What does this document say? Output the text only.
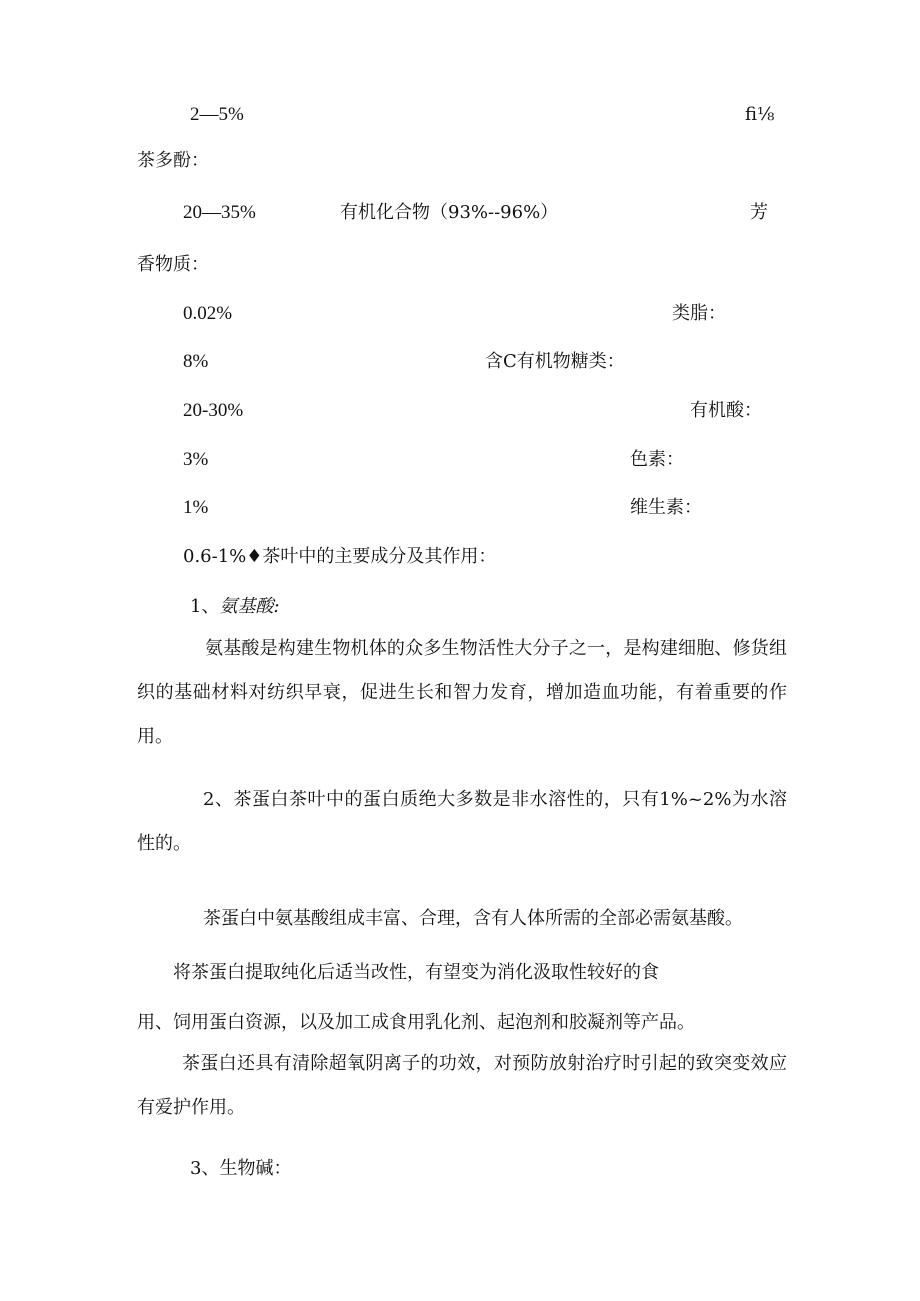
2—5%	fi⅛
茶多酚：
20—35%	有机化合物（93%--96%）	芳
香物质：
0.02%	类脂：
8%	含C有机物糖类：
20-30%	有机酸：
3%	色素：
1%	维生素：
0.6-1%♦茶叶中的主要成分及其作用：
1、氨基酸:
氨基酸是构建生物机体的众多生物活性大分子之一，是构建细胞、修货组织的基础材料对纺织早衰，促进生长和智力发育，增加造血功能，有着重要的作用。
2、茶蛋白茶叶中的蛋白质绝大多数是非水溶性的，只有1%~2%为水溶性的。
茶蛋白中氨基酸组成丰富、合理，含有人体所需的全部必需氨基酸。
将茶蛋白提取纯化后适当改性，有望变为消化汲取性较好的食
用、饲用蛋白资源，以及加工成食用乳化剂、起泡剂和胶凝剂等产品。
茶蛋白还具有清除超氧阴离子的功效，对预防放射治疗时引起的致突变效应有爱护作用。
3、生物碱：
